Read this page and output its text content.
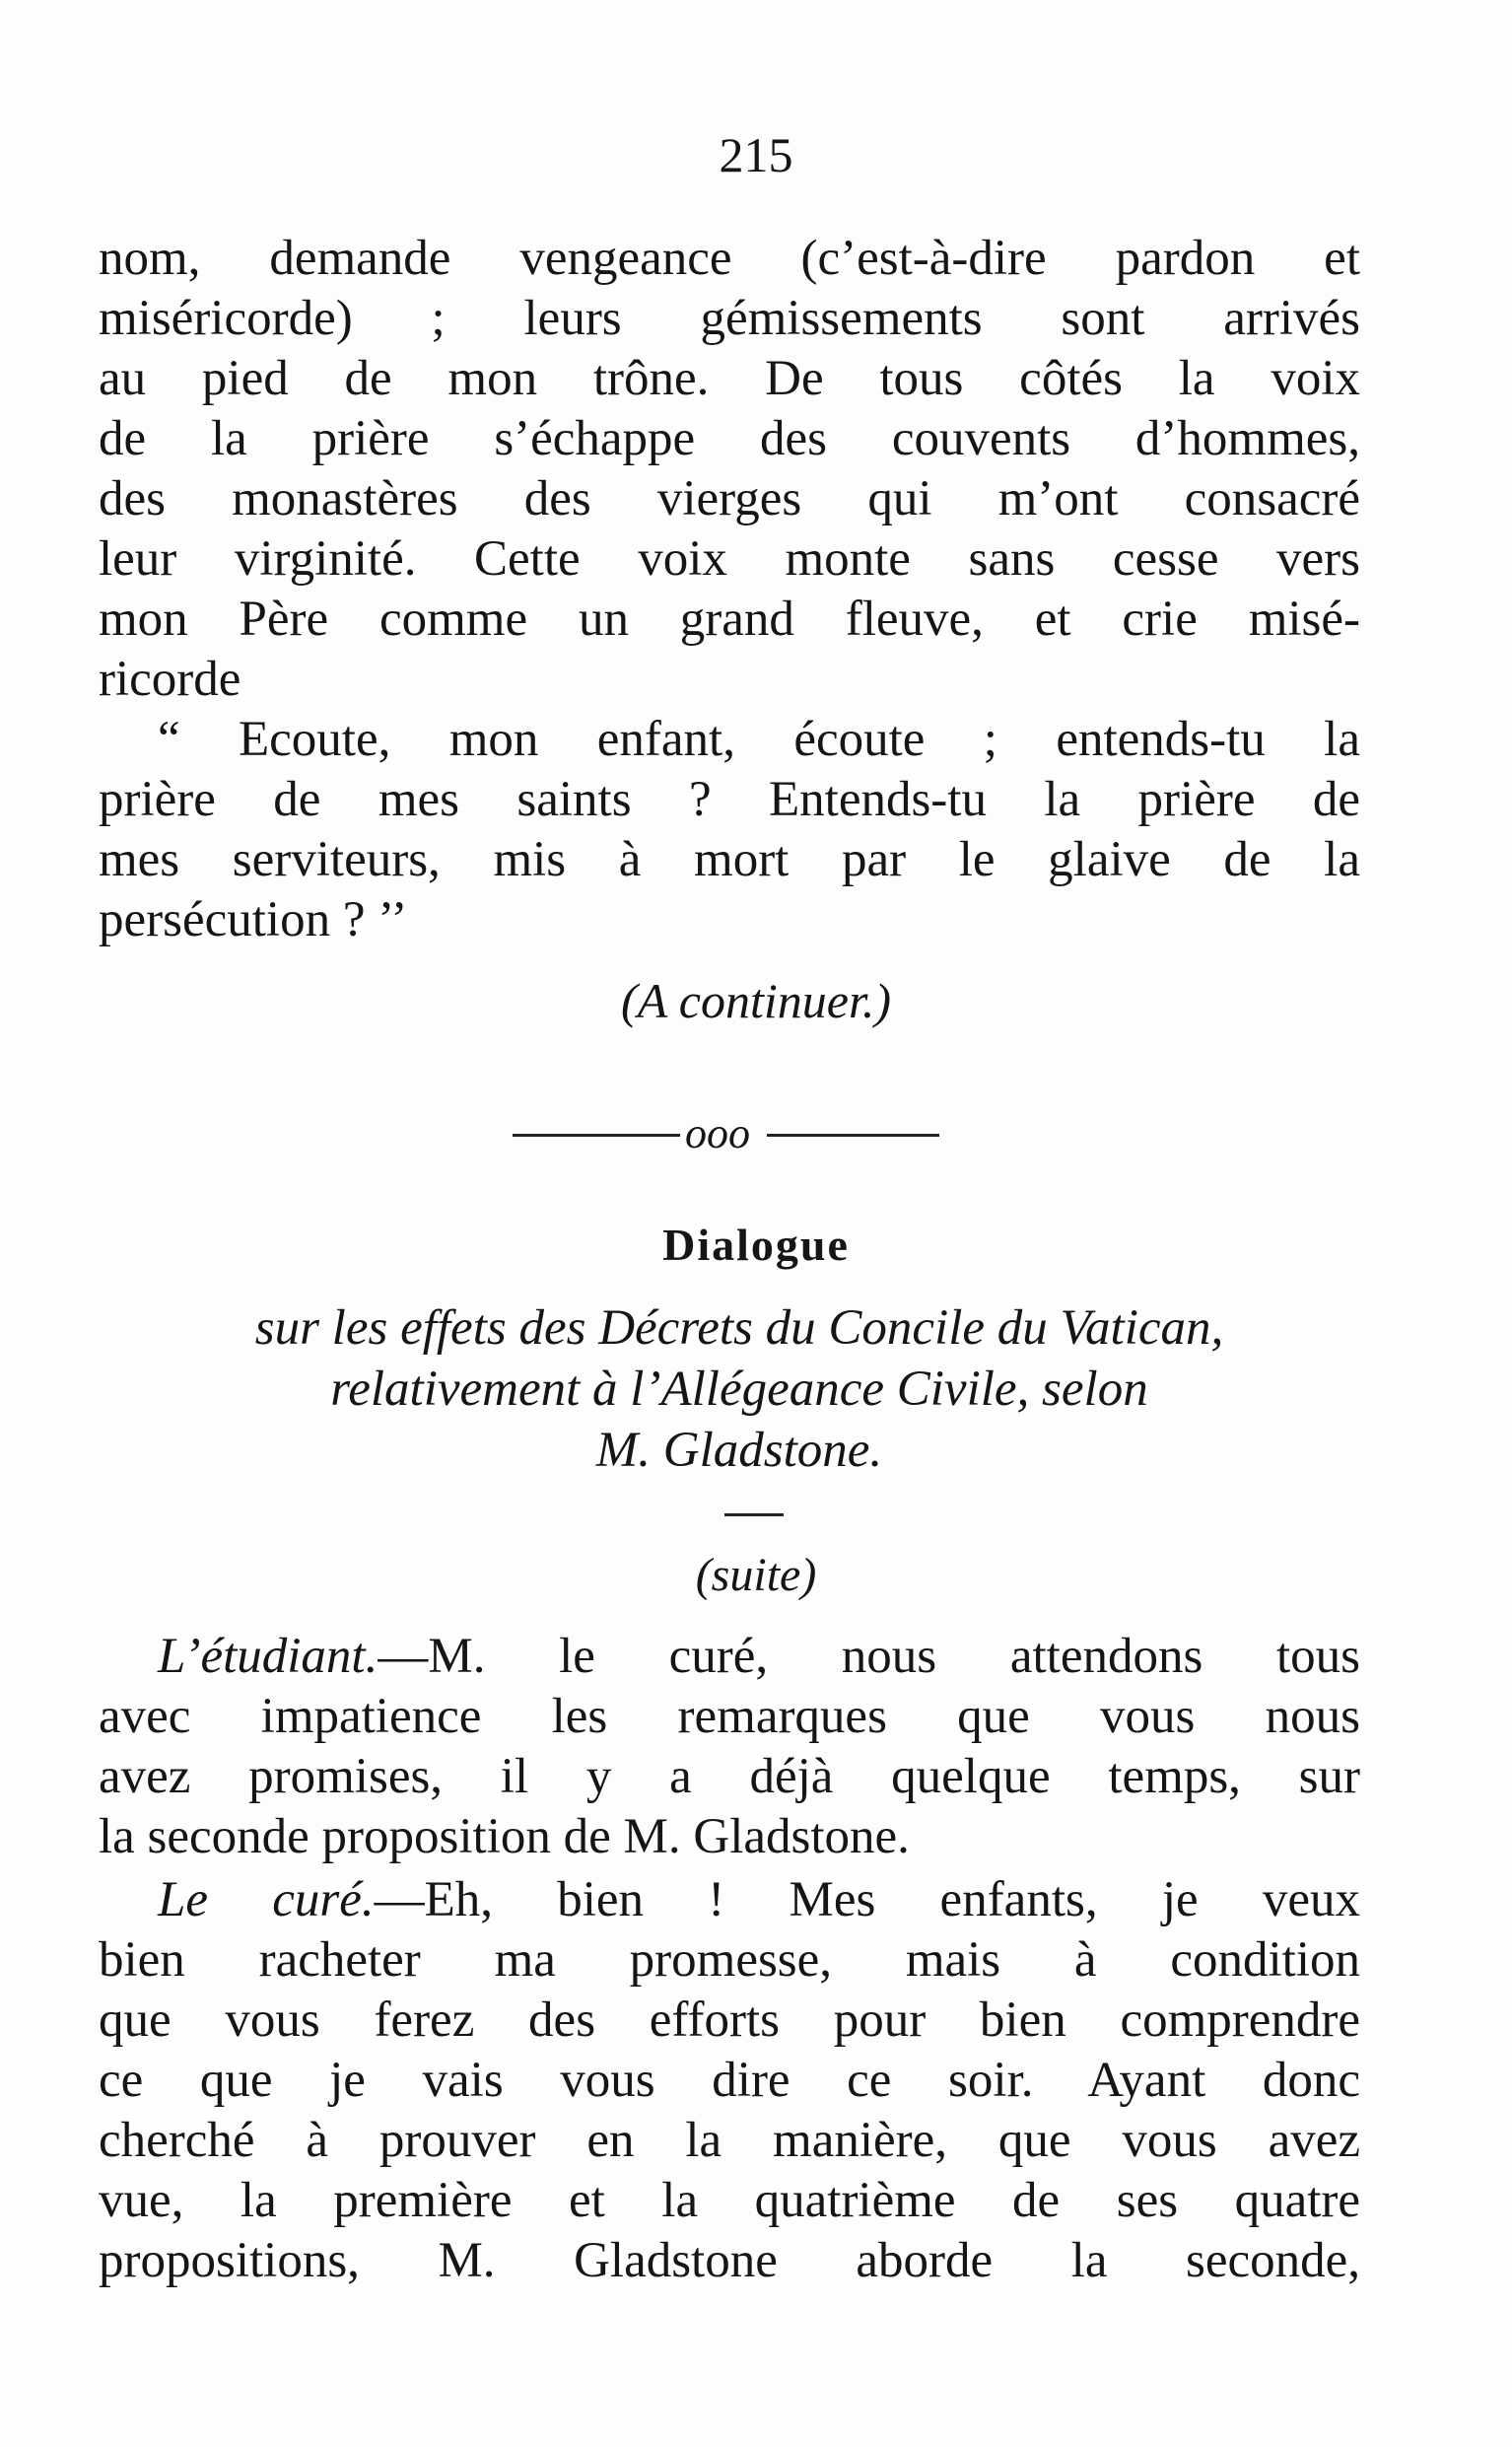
215

nom, demande vengeance (c’est-à-dire pardon et

miséricorde) ; leurs gémissements sont arrivés

au pied de mon trône. De tous côtés la voix

de la prière s’échappe des couvents d’hommes,

des monastères des vierges qui m’ont consacré

leur virginité. Cette voix monte sans cesse vers

mon Père comme un grand fleuve, et crie misé-

ricorde

“ Ecoute, mon enfant, écoute ; entends-tu la

prière de mes saints ? Entends-tu la prière de

mes serviteurs, mis à mort par le glaive de la

persécution ? ’’

(A continuer.)
ooo
Dialogue
sur les effets des Décrets du Concile du Vatican,
relativement à l’Allégeance Civile, selon
M. Gladstone.
(suite)

L’étudiant.—M. le curé, nous attendons tous

avec impatience les remarques que vous nous

avez promises, il y a déjà quelque temps, sur

la seconde proposition de M. Gladstone.

Le curé.—Eh, bien ! Mes enfants, je veux

bien racheter ma promesse, mais à condition

que vous ferez des efforts pour bien comprendre

ce que je vais vous dire ce soir. Ayant donc

cherché à prouver en la manière, que vous avez

vue, la première et la quatrième de ses quatre

propositions, M. Gladstone aborde la seconde,
